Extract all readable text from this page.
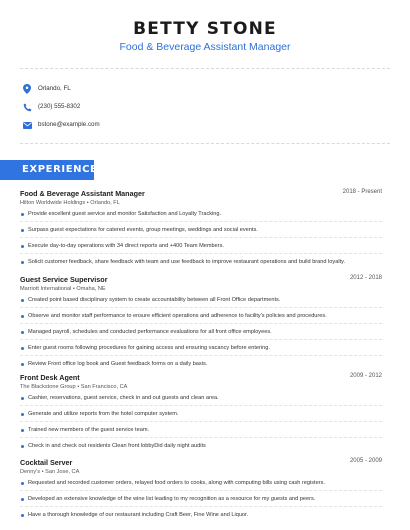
BETTY STONE
Food & Beverage Assistant Manager
Orlando, FL
(230) 555-8302
bstone@example.com
EXPERIENCE
Food & Beverage Assistant Manager	2018 - Present
Hilton Worldwide Holdings • Orlando, FL
Provide excellent guest service and monitor Satisfaction and Loyalty Tracking.
Surpass guest expectations for catered events, group meetings, weddings and social events.
Execute day-to-day operations with 34 direct reports and +400 Team Members.
Solicit customer feedback, share feedback with team and use feedback to improve restaurant operations and build brand loyalty.
Guest Service Supervisor	2012 - 2018
Marriott International • Omaha, NE
Created point based disciplinary system to create accountability between all Front Office departments.
Observe and monitor staff performance to ensure efficient operations and adherence to facility's policies and procedures.
Managed payroll, schedules and conducted performance evaluations for all front office employees.
Enter guest rooms following procedures for gaining access and ensuring vacancy before entering.
Review Front office log book and Guest feedback forms on a daily basis.
Front Desk Agent	2009 - 2012
The Blackstone Group • San Francisco, CA
Cashier, reservations, guest service, check in and out guests and clean area.
Generate and utilize reports from the hotel computer system.
Trained new members of the guest service team.
Check in and check out residents Clean front lobbyDid daily night audits
Cocktail Server	2005 - 2009
Denny's • San Jose, CA
Requested and recorded customer orders, relayed food orders to cooks, along with computing bills using cash registers.
Developed an extensive knowledge of the wine list leading to my recognition as a resource for my guests and peers.
Have a thorough knowledge of our restaurant including Craft Beer, Fine Wine and Liquor.
